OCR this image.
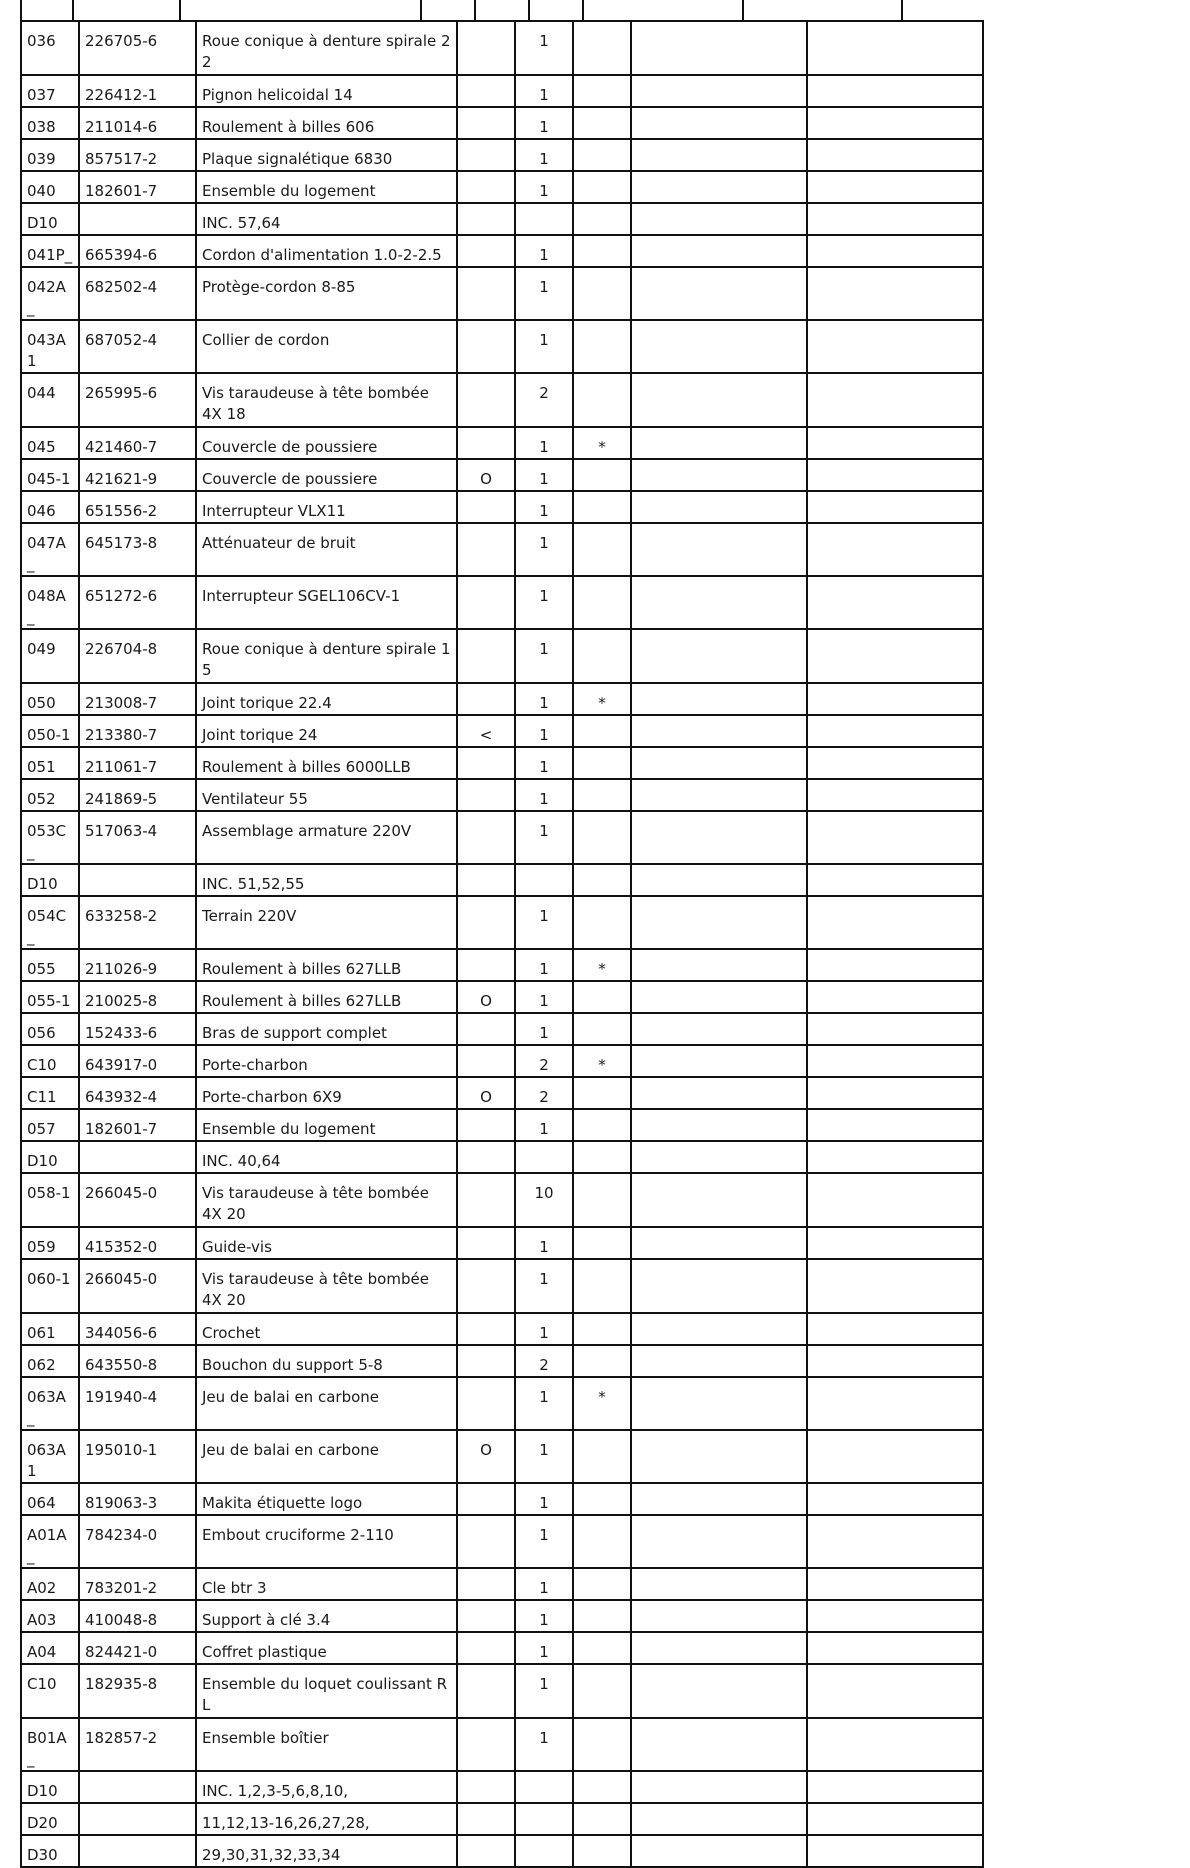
036	226705-6	Roue conique à denture spirale 2 2		1			
037	226412-1	Pignon helicoidal 14		1			
038	211014-6	Roulement à billes 606		1			
039	857517-2	Plaque signalétique 6830		1			
040	182601-7	Ensemble du logement		1			
D10		INC. 57,64					
041P_	665394-6	Cordon d'alimentation 1.0-2-2.5		1			
042A_	682502-4	Protège-cordon 8-85		1			
043A1	687052-4	Collier de cordon		1			
044	265995-6	Vis taraudeuse à tête bombée 4X 18		2			
045	421460-7	Couvercle de poussiere		1	*		
045-1	421621-9	Couvercle de poussiere	O	1			
046	651556-2	Interrupteur VLX11		1			
047A_	645173-8	Atténuateur de bruit		1			
048A_	651272-6	Interrupteur SGEL106CV-1		1			
049	226704-8	Roue conique à denture spirale 1 5		1			
050	213008-7	Joint torique 22.4		1	*		
050-1	213380-7	Joint torique 24	<	1			
051	211061-7	Roulement à billes 6000LLB		1			
052	241869-5	Ventilateur 55		1			
053C_	517063-4	Assemblage armature 220V		1			
D10		INC. 51,52,55					
054C_	633258-2	Terrain 220V		1			
055	211026-9	Roulement à billes 627LLB		1	*		
055-1	210025-8	Roulement à billes 627LLB	O	1			
056	152433-6	Bras de support complet		1			
C10	643917-0	Porte-charbon		2	*		
C11	643932-4	Porte-charbon 6X9	O	2			
057	182601-7	Ensemble du logement		1			
D10		INC. 40,64					
058-1	266045-0	Vis taraudeuse à tête bombée 4X 20		10			
059	415352-0	Guide-vis		1			
060-1	266045-0	Vis taraudeuse à tête bombée 4X 20		1			
061	344056-6	Crochet		1			
062	643550-8	Bouchon du support 5-8		2			
063A_	191940-4	Jeu de balai en carbone		1	*		
063A1	195010-1	Jeu de balai en carbone	O	1			
064	819063-3	Makita étiquette logo		1			
A01A_	784234-0	Embout cruciforme 2-110		1			
A02	783201-2	Cle btr 3		1			
A03	410048-8	Support à clé 3.4		1			
A04	824421-0	Coffret plastique		1			
C10	182935-8	Ensemble du loquet coulissant R L		1			
B01A_	182857-2	Ensemble boîtier		1			
D10		INC. 1,2,3-5,6,8,10,					
D20		11,12,13-16,26,27,28,					
D30		29,30,31,32,33,34					
